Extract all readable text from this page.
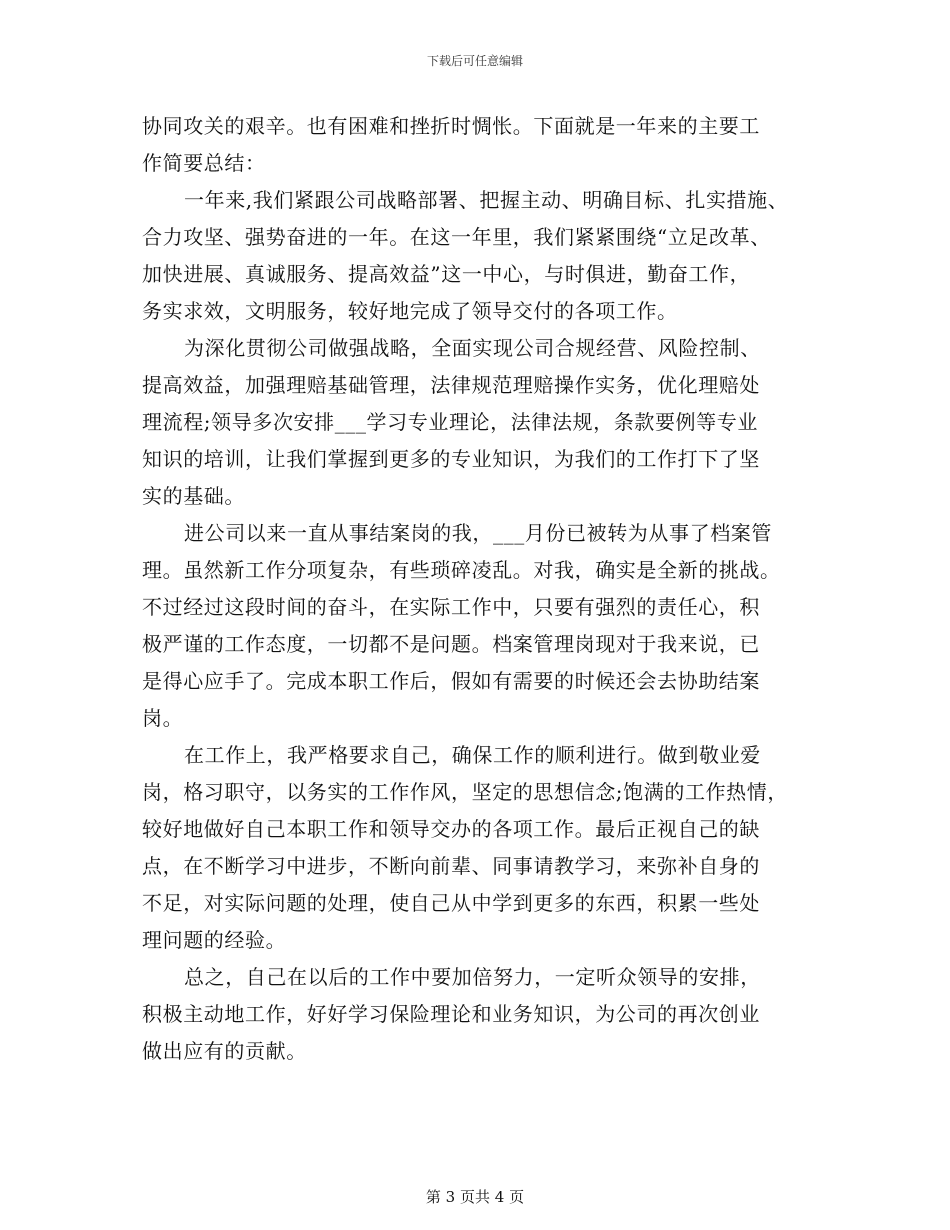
下载后可任意编辑
协同攻关的艰辛。也有困难和挫折时惆怅。下面就是一年来的主要工
作简要总结：
一年来,我们紧跟公司战略部署、把握主动、明确目标、扎实措施、
合力攻坚、强势奋进的一年。在这一年里，我们紧紧围绕“立足改革、
加快进展、真诚服务、提高效益”这一中心，与时俱进，勤奋工作，
务实求效，文明服务，较好地完成了领导交付的各项工作。
为深化贯彻公司做强战略，全面实现公司合规经营、风险控制、
提高效益，加强理赔基础管理，法律规范理赔操作实务，优化理赔处
理流程;领导多次安排___学习专业理论，法律法规，条款要例等专业
知识的培训，让我们掌握到更多的专业知识，为我们的工作打下了坚
实的基础。
进公司以来一直从事结案岗的我，___月份已被转为从事了档案管
理。虽然新工作分项复杂，有些琐碎凌乱。对我，确实是全新的挑战。
不过经过这段时间的奋斗，在实际工作中，只要有强烈的责任心，积
极严谨的工作态度，一切都不是问题。档案管理岗现对于我来说，已
是得心应手了。完成本职工作后，假如有需要的时候还会去协助结案
岗。
在工作上，我严格要求自己，确保工作的顺利进行。做到敬业爱
岗，格习职守，以务实的工作作风，坚定的思想信念;饱满的工作热情，
较好地做好自己本职工作和领导交办的各项工作。最后正视自己的缺
点，在不断学习中进步，不断向前辈、同事请教学习，来弥补自身的
不足，对实际问题的处理，使自己从中学到更多的东西，积累一些处
理问题的经验。
总之，自己在以后的工作中要加倍努力，一定听众领导的安排，
积极主动地工作，好好学习保险理论和业务知识，为公司的再次创业
做出应有的贡献。
第 3 页共 4 页
